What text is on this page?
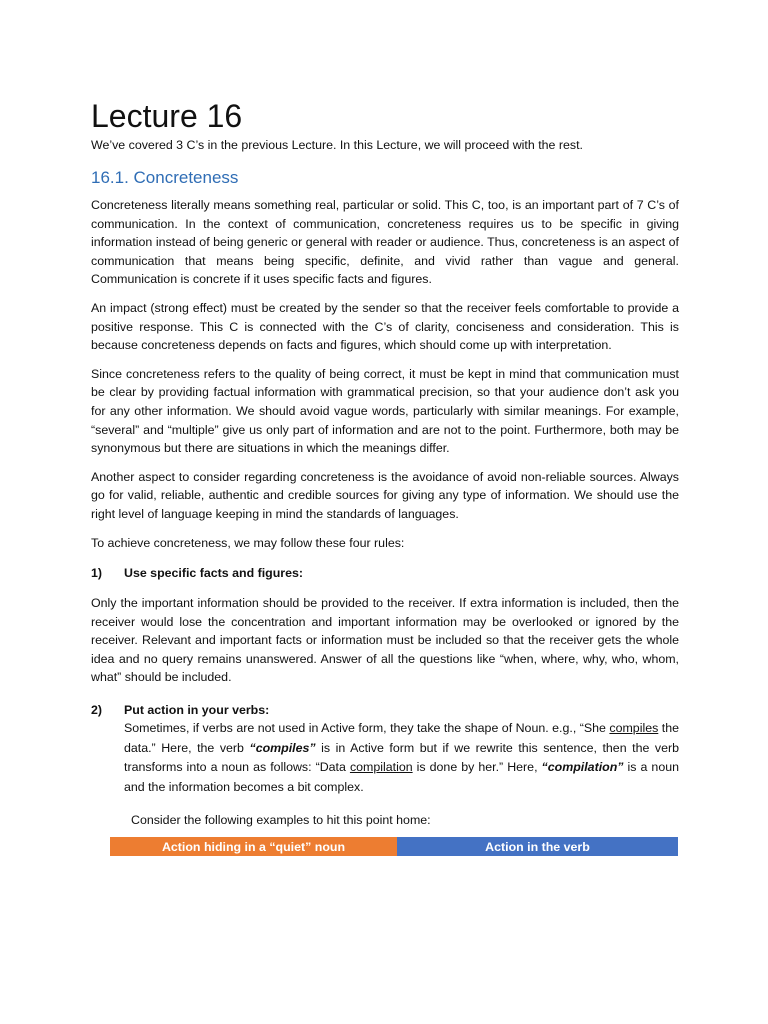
Lecture 16

We’ve covered 3 C’s in the previous Lecture. In this Lecture, we will proceed with the rest.

16.1. Concreteness

Concreteness literally means something real, particular or solid. This C, too, is an important part of 7 C’s of communication. In the context of communication, concreteness requires us to be specific in giving information instead of being generic or general with reader or audience. Thus, concreteness is an aspect of communication that means being specific, definite, and vivid rather than vague and general. Communication is concrete if it uses specific facts and figures.

An impact (strong effect) must be created by the sender so that the receiver feels comfortable to provide a positive response. This C is connected with the C’s of clarity, conciseness and consideration. This is because concreteness depends on facts and figures, which should come up with interpretation.

Since concreteness refers to the quality of being correct, it must be kept in mind that communication must be clear by providing factual information with grammatical precision, so that your audience don’t ask you for any other information. We should avoid vague words, particularly with similar meanings. For example, “several” and “multiple” give us only part of information and are not to the point. Furthermore, both may be synonymous but there are situations in which the meanings differ.

Another aspect to consider regarding concreteness is the avoidance of avoid non-reliable sources. Always go for valid, reliable, authentic and credible sources for giving any type of information. We should use the right level of language keeping in mind the standards of languages.

To achieve concreteness, we may follow these four rules:

1)	Use specific facts and figures:

Only the important information should be provided to the receiver. If extra information is included, then the receiver would lose the concentration and important information may be overlooked or ignored by the receiver. Relevant and important facts or information must be included so that the receiver gets the whole idea and no query remains unanswered. Answer of all the questions like “when, where, why, who, whom, what” should be included.

2)	Put action in your verbs:

Sometimes, if verbs are not used in Active form, they take the shape of Noun. e.g., “She compiles the data.” Here, the verb “compiles” is in Active form but if we rewrite this sentence, then the verb transforms into a noun as follows: “Data compilation is done by her.” Here, “compilation” is a noun and the information becomes a bit complex.

Consider the following examples to hit this point home:

Action hiding in a “quiet” noun	Action in the verb
